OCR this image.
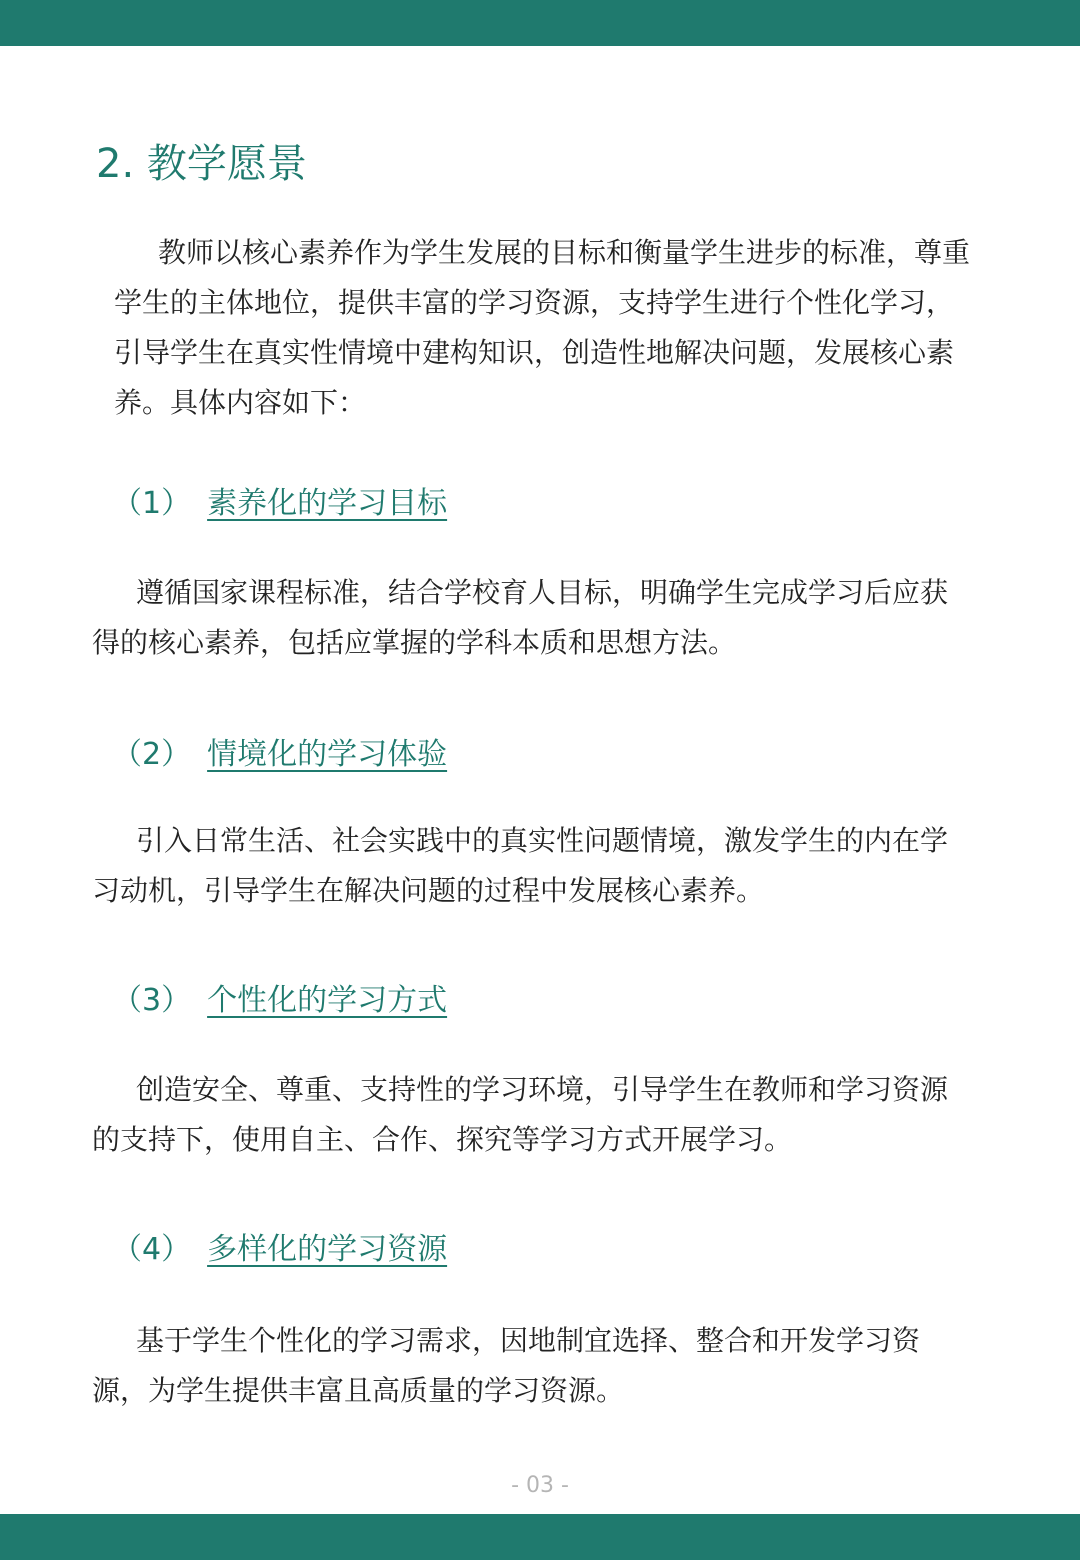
2. 教学愿景

教师以核心素养作为学生发展的目标和衡量学生进步的标准，尊重学生的主体地位，提供丰富的学习资源，支持学生进行个性化学习，引导学生在真实性情境中建构知识，创造性地解决问题，发展核心素养。具体内容如下：

（1） 素养化的学习目标

遵循国家课程标准，结合学校育人目标，明确学生完成学习后应获得的核心素养，包括应掌握的学科本质和思想方法。

（2） 情境化的学习体验

引入日常生活、社会实践中的真实性问题情境，激发学生的内在学习动机，引导学生在解决问题的过程中发展核心素养。

（3） 个性化的学习方式

创造安全、尊重、支持性的学习环境，引导学生在教师和学习资源的支持下，使用自主、合作、探究等学习方式开展学习。

（4） 多样化的学习资源

基于学生个性化的学习需求，因地制宜选择、整合和开发学习资源，为学生提供丰富且高质量的学习资源。

- 03 -
